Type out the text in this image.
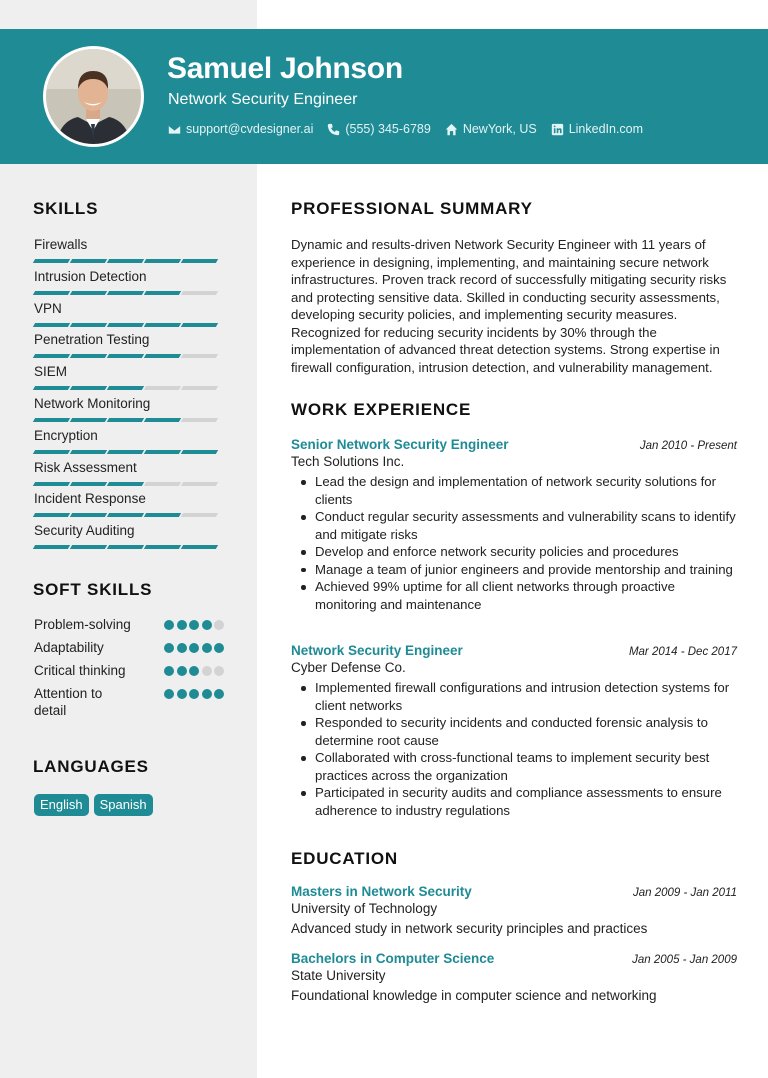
Samuel Johnson
Network Security Engineer
support@cvdesigner.ai	(555) 345-6789	NewYork, US	LinkedIn.com
SKILLS
Firewalls
Intrusion Detection
VPN
Penetration Testing
SIEM
Network Monitoring
Encryption
Risk Assessment
Incident Response
Security Auditing
SOFT SKILLS
Problem-solving
Adaptability
Critical thinking
Attention to detail
LANGUAGES
English	Spanish
PROFESSIONAL SUMMARY
Dynamic and results-driven Network Security Engineer with 11 years of experience in designing, implementing, and maintaining secure network infrastructures. Proven track record of successfully mitigating security risks and protecting sensitive data. Skilled in conducting security assessments, developing security policies, and implementing security measures. Recognized for reducing security incidents by 30% through the implementation of advanced threat detection systems. Strong expertise in firewall configuration, intrusion detection, and vulnerability management.
WORK EXPERIENCE
Senior Network Security Engineer	Jan 2010 - Present
Tech Solutions Inc.
Lead the design and implementation of network security solutions for clients
Conduct regular security assessments and vulnerability scans to identify and mitigate risks
Develop and enforce network security policies and procedures
Manage a team of junior engineers and provide mentorship and training
Achieved 99% uptime for all client networks through proactive monitoring and maintenance
Network Security Engineer	Mar 2014 - Dec 2017
Cyber Defense Co.
Implemented firewall configurations and intrusion detection systems for client networks
Responded to security incidents and conducted forensic analysis to determine root cause
Collaborated with cross-functional teams to implement security best practices across the organization
Participated in security audits and compliance assessments to ensure adherence to industry regulations
EDUCATION
Masters in Network Security	Jan 2009 - Jan 2011
University of Technology
Advanced study in network security principles and practices
Bachelors in Computer Science	Jan 2005 - Jan 2009
State University
Foundational knowledge in computer science and networking
